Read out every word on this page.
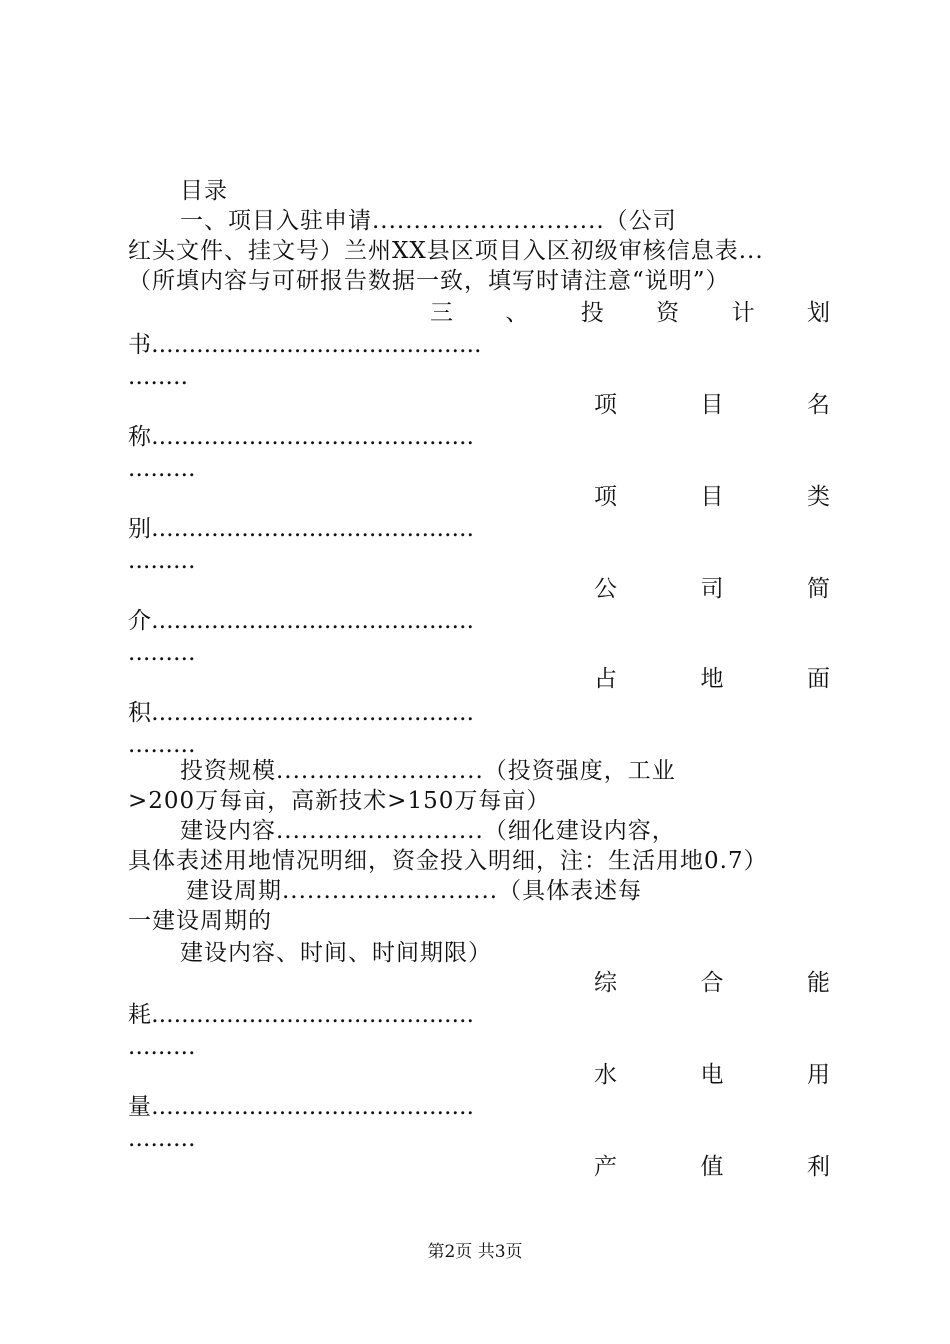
目录
一、项目入驻申请............................（公司
红头文件、挂文号）兰州XX县区项目入区初级审核信息表...
（所填内容与可研报告数据一致，填写时请注意“说明”）
三 、 投 资 计 划
书............................................
........
项	目	名
称...........................................
.........
项	目	类
别...........................................
.........
公	司	简
介...........................................
.........
占	地	面
积...........................................
.........
投资规模.........................（投资强度，工业
>200万每亩，高新技术>150万每亩）
建设内容.........................（细化建设内容，
具体表述用地情况明细，资金投入明细，注：生活用地0.7）
建设周期..........................（具体表述每
一建设周期的
建设内容、时间、时间期限）
综	合	能
耗...........................................
.........
水	电	用
量...........................................
.........
产	值	利
第2页 共3页
